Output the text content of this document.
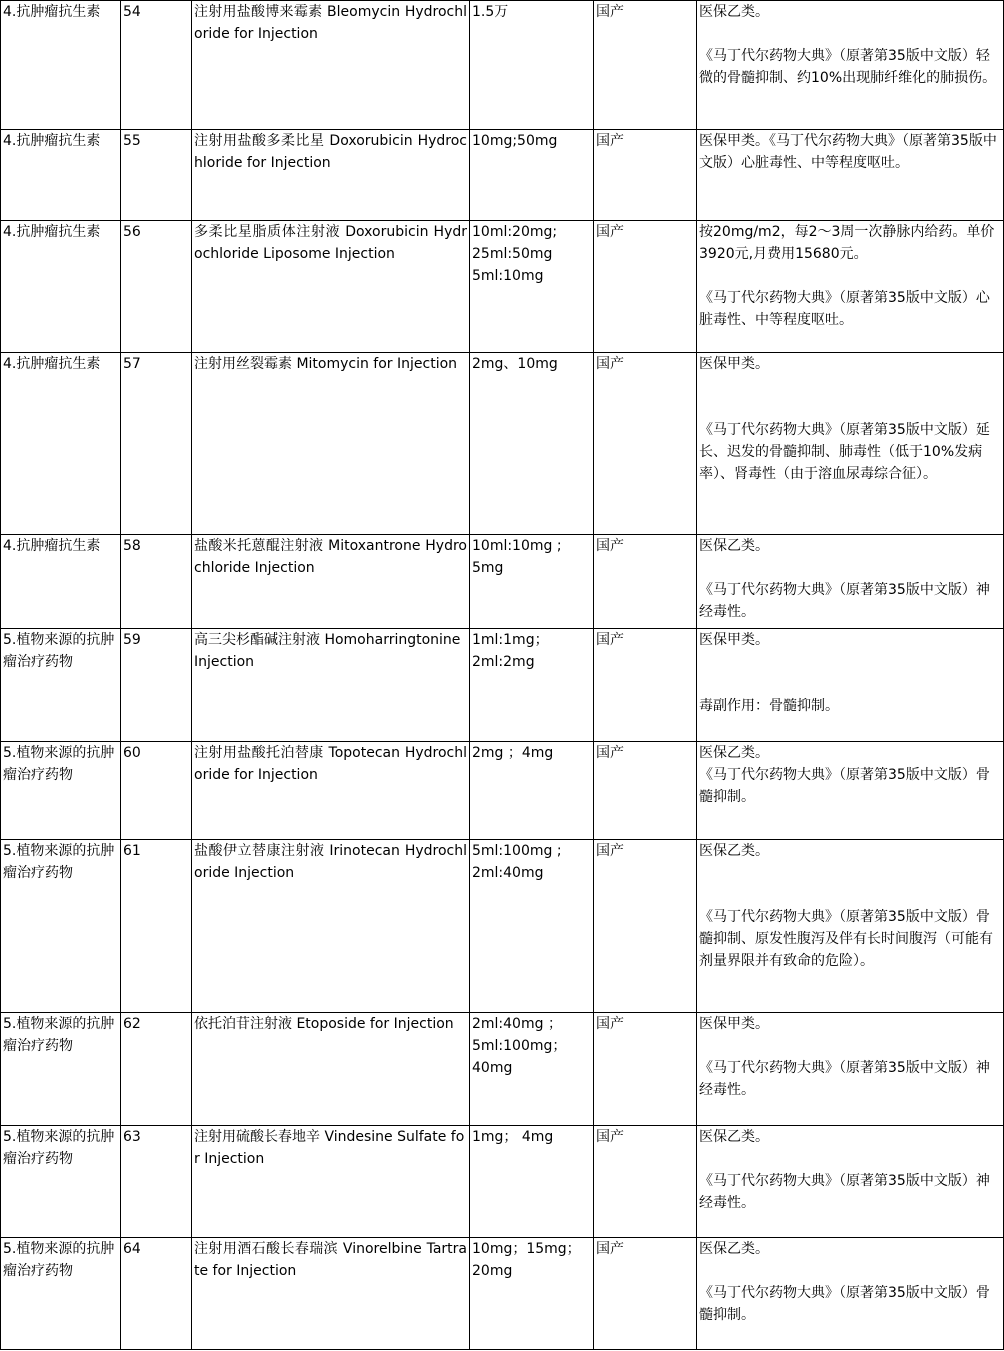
4.抗肿瘤抗生素	54	注射用盐酸博来霉素 Bleomycin Hydrochloride for Injection	1.5万	国产	医保乙类。
《马丁代尔药物大典》（原著第35版中文版）轻微的骨髓抑制、约10%出现肺纤维化的肺损伤。

4.抗肿瘤抗生素	55	注射用盐酸多柔比星 Doxorubicin Hydrochloride for Injection	10mg;50mg	国产	医保甲类。《马丁代尔药物大典》（原著第35版中文版）心脏毒性、中等程度呕吐。

4.抗肿瘤抗生素	56	多柔比星脂质体注射液 Doxorubicin Hydrochloride Liposome Injection	10ml:20mg;
25ml:50mg
5ml:10mg	国产	按20mg/m2，每2～3周一次静脉内给药。单价3920元,月费用15680元。
《马丁代尔药物大典》（原著第35版中文版）心脏毒性、中等程度呕吐。

4.抗肿瘤抗生素	57	注射用丝裂霉素 Mitomycin for Injection	2mg、10mg	国产	医保甲类。
《马丁代尔药物大典》（原著第35版中文版）延长、迟发的骨髓抑制、肺毒性（低于10%发病率）、肾毒性（由于溶血尿毒综合征）。

4.抗肿瘤抗生素	58	盐酸米托蒽醌注射液 Mitoxantrone Hydrochloride Injection	10ml:10mg ;
5mg	国产	医保乙类。
《马丁代尔药物大典》（原著第35版中文版）神经毒性。

5.植物来源的抗肿瘤治疗药物	59	高三尖杉酯碱注射液 Homoharringtonine Injection	1ml:1mg；
2ml:2mg	国产	医保甲类。
毒副作用：骨髓抑制。

5.植物来源的抗肿瘤治疗药物	60	注射用盐酸托泊替康 Topotecan Hydrochloride for Injection	2mg ；4mg	国产	医保乙类。
《马丁代尔药物大典》（原著第35版中文版）骨髓抑制。

5.植物来源的抗肿瘤治疗药物	61	盐酸伊立替康注射液 Irinotecan Hydrochloride Injection	5ml:100mg ;
2ml:40mg	国产	医保乙类。
《马丁代尔药物大典》（原著第35版中文版）骨髓抑制、原发性腹泻及伴有长时间腹泻（可能有剂量界限并有致命的危险）。

5.植物来源的抗肿瘤治疗药物	62	依托泊苷注射液 Etoposide for Injection	2ml:40mg ；
5ml:100mg；
40mg	国产	医保甲类。
《马丁代尔药物大典》（原著第35版中文版）神经毒性。

5.植物来源的抗肿瘤治疗药物	63	注射用硫酸长春地辛 Vindesine Sulfate for Injection	1mg； 4mg	国产	医保乙类。
《马丁代尔药物大典》（原著第35版中文版）神经毒性。

5.植物来源的抗肿瘤治疗药物	64	注射用酒石酸长春瑞滨 Vinorelbine Tartrate for Injection	10mg；15mg；
20mg	国产	医保乙类。
《马丁代尔药物大典》（原著第35版中文版）骨髓抑制。
